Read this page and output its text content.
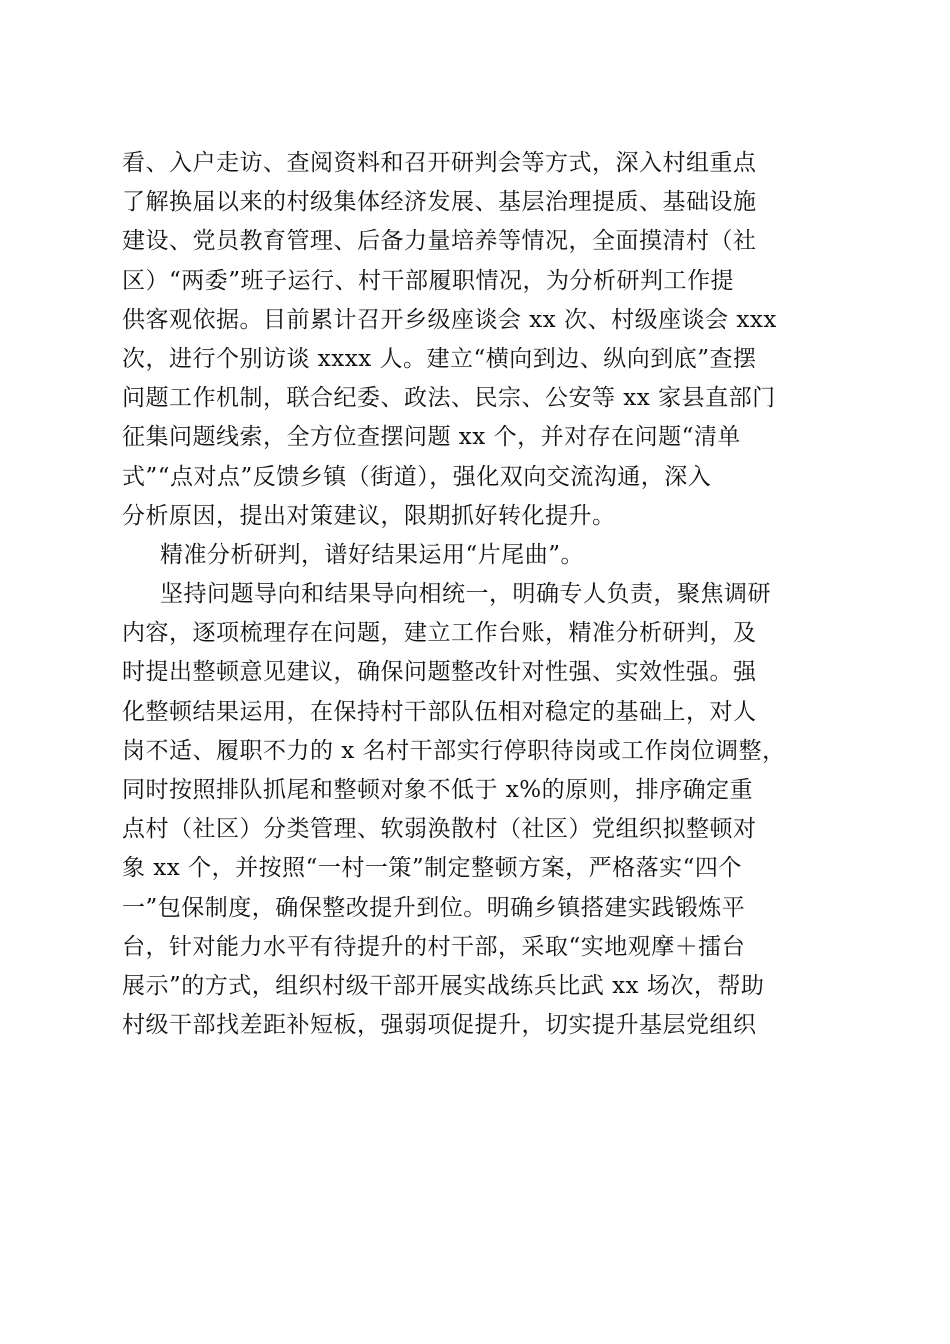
看、入户走访、查阅资料和召开研判会等方式，深入村组重点
了解换届以来的村级集体经济发展、基层治理提质、基础设施
建设、党员教育管理、后备力量培养等情况，全面摸清村（社
区）“两委”班子运行、村干部履职情况，为分析研判工作提
供客观依据。目前累计召开乡级座谈会 xx 次、村级座谈会 xxx
次，进行个别访谈 xxxx 人。建立“横向到边、纵向到底”查摆
问题工作机制，联合纪委、政法、民宗、公安等 xx 家县直部门
征集问题线索，全方位查摆问题 xx 个，并对存在问题“清单
式”“点对点”反馈乡镇（街道），强化双向交流沟通，深入
分析原因，提出对策建议，限期抓好转化提升。
精准分析研判，谱好结果运用“片尾曲”。
坚持问题导向和结果导向相统一，明确专人负责，聚焦调研
内容，逐项梳理存在问题，建立工作台账，精准分析研判，及
时提出整顿意见建议，确保问题整改针对性强、实效性强。强
化整顿结果运用，在保持村干部队伍相对稳定的基础上，对人
岗不适、履职不力的 x 名村干部实行停职待岗或工作岗位调整，
同时按照排队抓尾和整顿对象不低于 x%的原则，排序确定重
点村（社区）分类管理、软弱涣散村（社区）党组织拟整顿对
象 xx 个，并按照“一村一策”制定整顿方案，严格落实“四个
一”包保制度，确保整改提升到位。明确乡镇搭建实践锻炼平
台，针对能力水平有待提升的村干部，采取“实地观摩＋擂台
展示”的方式，组织村级干部开展实战练兵比武 xx 场次，帮助
村级干部找差距补短板，强弱项促提升，切实提升基层党组织
